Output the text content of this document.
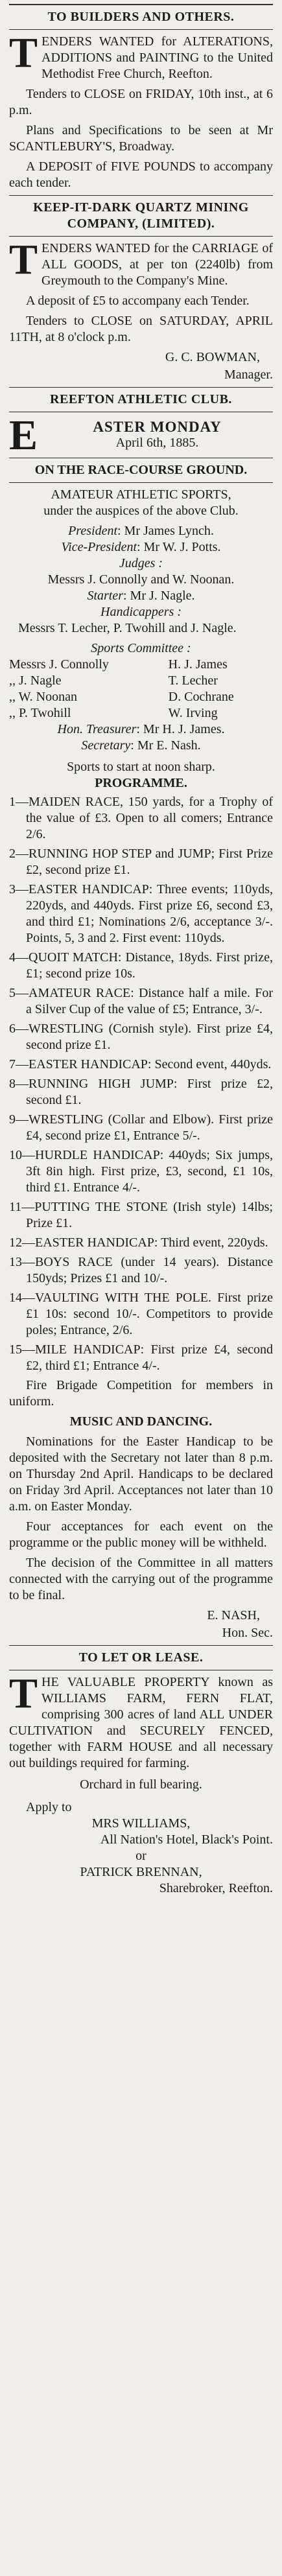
TO BUILDERS AND OTHERS.

TENDERS WANTED for ALTERATIONS, ADDITIONS and PAINTING to the United Methodist Free Church, Reefton.

Tenders to CLOSE on FRIDAY, 10th inst., at 6 p.m.

Plans and Specifications to be seen at Mr SCANTLEBURY'S, Broadway.

A DEPOSIT of FIVE POUNDS to accompany each tender.

KEEP-IT-DARK QUARTZ MINING COMPANY, (LIMITED).

TENDERS WANTED for the CARRIAGE of ALL GOODS, at per ton (2240lb) from Greymouth to the Company's Mine.

A deposit of £5 to accompany each Tender.

Tenders to CLOSE on SATURDAY, APRIL 11TH, at 8 o'clock p.m.

G. C. BOWMAN,
Manager.
REEFTON ATHLETIC CLUB.
E	ASTER MONDAY
April 6th, 1885.
ON THE RACE-COURSE GROUND.
AMATEUR ATHLETIC SPORTS,
under the auspices of the above Club.
President: Mr James Lynch.
Vice-President: Mr W. J. Potts.
Judges :
Messrs J. Connolly and W. Noonan.
Starter: Mr J. Nagle.
Handicappers :

Messrs T. Lecher, P. Twohill and J. Nagle.

Sports Committee :
Messrs J. Connolly	H. J. James
,, J. Nagle	T. Lecher
,, W. Noonan	D. Cochrane
,, P. Twohill	W. Irving
Hon. Treasurer: Mr H. J. James.
Secretary: Mr E. Nash.
Sports to start at noon sharp.
PROGRAMME.

1—MAIDEN RACE, 150 yards, for a Trophy of the value of £3. Open to all comers; Entrance 2/6.

2—RUNNING HOP STEP and JUMP; First Prize £2, second prize £1.

3—EASTER HANDICAP: Three events; 110yds, 220yds, and 440yds. First prize £6, second £3, and third £1; Nominations 2/6, acceptance 3/-. Points, 5, 3 and 2. First event: 110yds.

4—QUOIT MATCH: Distance, 18yds. First prize, £1; second prize 10s.

5—AMATEUR RACE: Distance half a mile. For a Silver Cup of the value of £5; Entrance, 3/-.

6—WRESTLING (Cornish style). First prize £4, second prize £1.

7—EASTER HANDICAP: Second event, 440yds.

8—RUNNING HIGH JUMP: First prize £2, second £1.

9—WRESTLING (Collar and Elbow). First prize £4, second prize £1, Entrance 5/-.

10—HURDLE HANDICAP: 440yds; Six jumps, 3ft 8in high. First prize, £3, second, £1 10s, third £1. Entrance 4/-.

11—PUTTING THE STONE (Irish style) 14lbs; Prize £1.

12—EASTER HANDICAP: Third event, 220yds.

13—BOYS RACE (under 14 years). Distance 150yds; Prizes £1 and 10/-.

14—VAULTING WITH THE POLE. First prize £1 10s: second 10/-. Competitors to provide poles; Entrance, 2/6.

15—MILE HANDICAP: First prize £4, second £2, third £1; Entrance 4/-.

Fire Brigade Competition for members in uniform.

MUSIC AND DANCING.

Nominations for the Easter Handicap to be deposited with the Secretary not later than 8 p.m. on Thursday 2nd April. Handicaps to be declared on Friday 3rd April. Acceptances not later than 10 a.m. on Easter Monday.

Four acceptances for each event on the programme or the public money will be withheld.

The decision of the Committee in all matters connected with the carrying out of the programme to be final.

E. NASH,
Hon. Sec.
TO LET OR LEASE.

THE VALUABLE PROPERTY known as WILLIAMS FARM, FERN FLAT, comprising 300 acres of land ALL UNDER CULTIVATION and SECURELY FENCED, together with FARM HOUSE and all necessary out buildings required for farming.

Orchard in full bearing.
Apply to
MRS WILLIAMS,
All Nation's Hotel, Black's Point.
or
PATRICK BRENNAN,
Sharebroker, Reefton.
